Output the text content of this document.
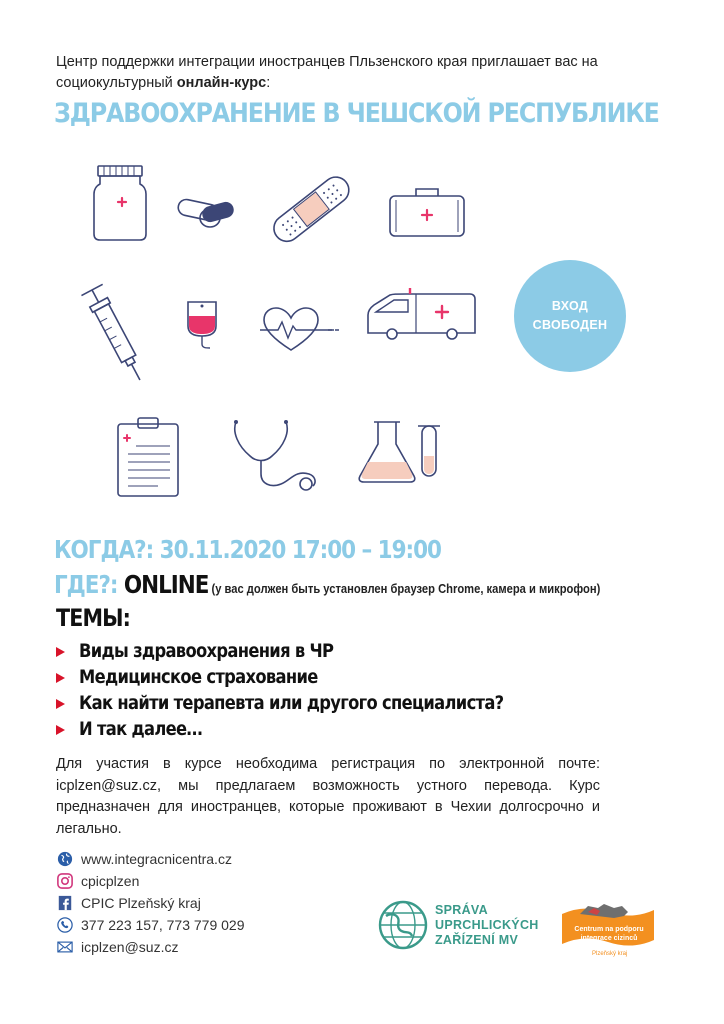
Центр поддержки интеграции иностранцев Пльзенского края приглашает вас на
социокультурный онлайн-курс:
ЗДРАВООХРАНЕНИЕ В ЧЕШСКОЙ РЕСПУБЛИКЕ
ВХОД
СВОБОДЕН
КОГДА?: 30.11.2020 17:00 – 19:00
ГДЕ?: ONLINE (у вас должен быть установлен браузер Chrome, камера и микрофон)
ТЕМЫ:
Виды здравоохранения в ЧР
Медицинское страхование
Как найти терапевта или другого специалиста?
И так далее…
Для участия в курсе необходима регистрация по электронной почте: icplzen@suz.cz, мы предлагаем возможность устного перевода. Курс предназначен для иностранцев, которые проживают в Чехии долгосрочно и легально.
www.integracnicentra.cz
cpicplzen
CPIC Plzeňský kraj
377 223 157, 773 779 029
icplzen@suz.cz
SPRÁVA
UPRCHLICKÝCH
ZAŘÍZENÍ MV
Centrum na podporu
integrace cizinců
Plzeňský kraj
